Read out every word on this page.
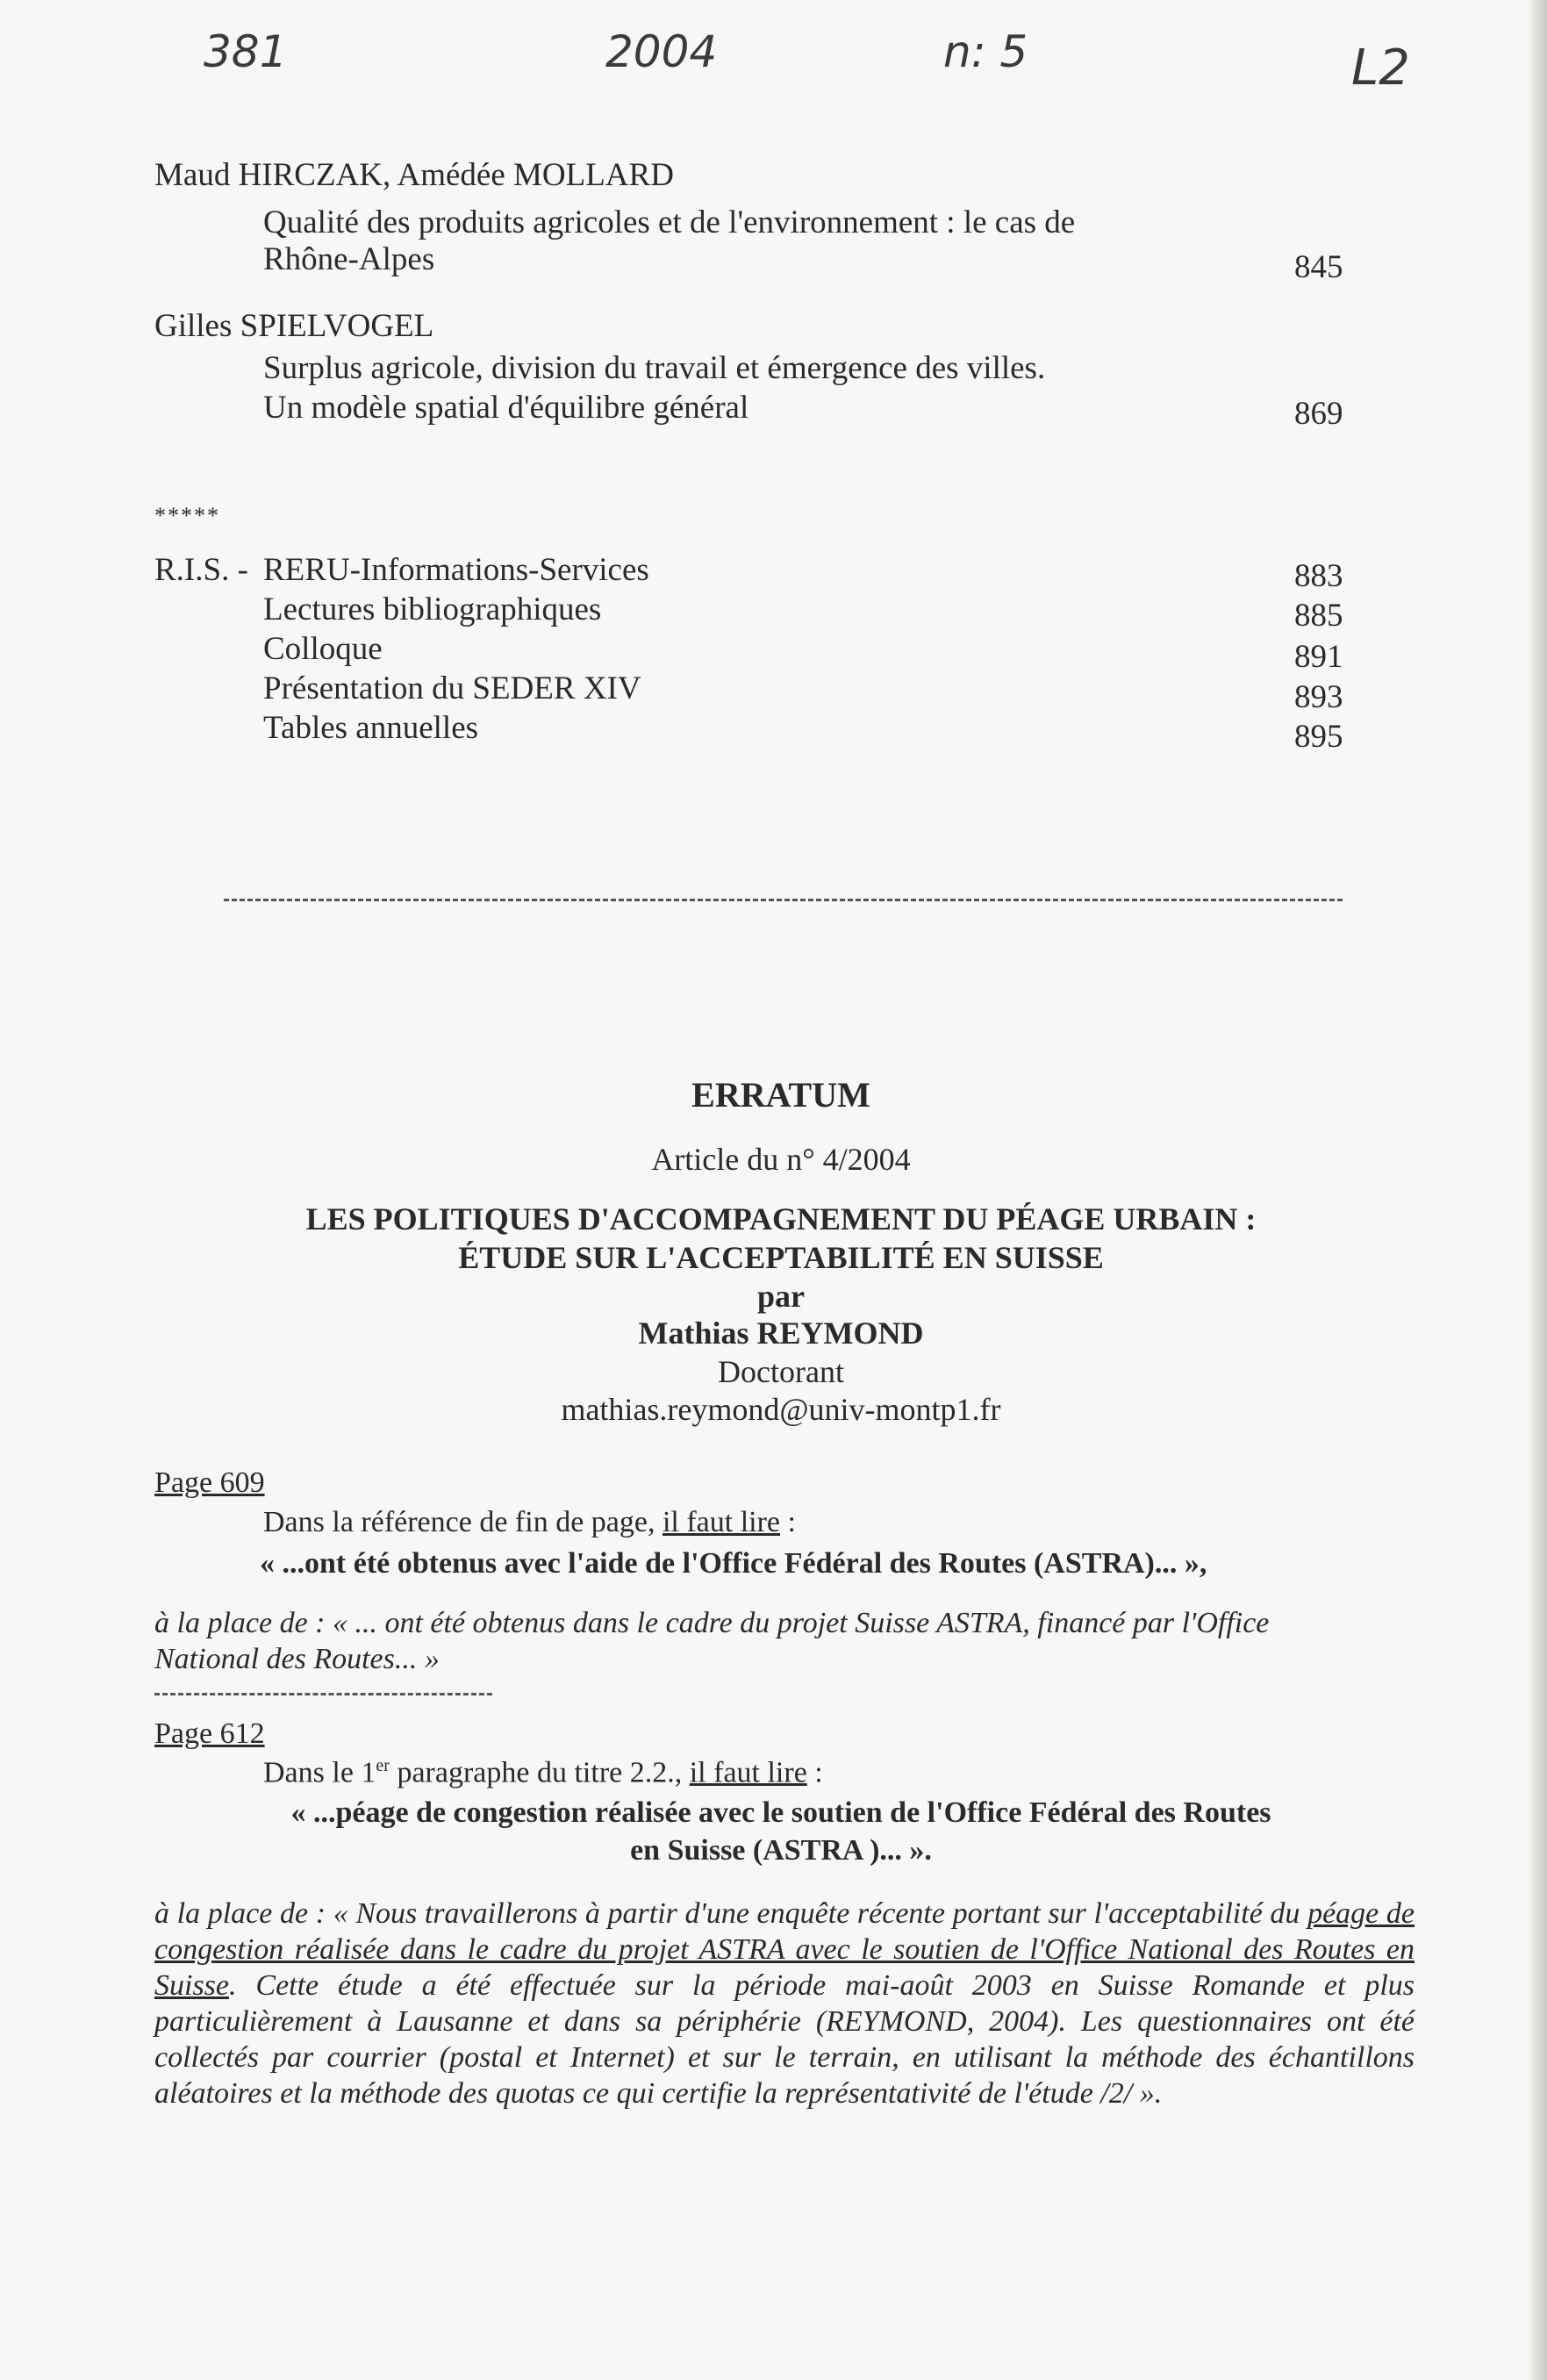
381	2004	n: 5	L2
Maud HIRCZAK, Amédée MOLLARD
Qualité des produits agricoles et de l'environnement : le cas de
Rhône-Alpes	845
Gilles SPIELVOGEL
Surplus agricole, division du travail et émergence des villes.
Un modèle spatial d'équilibre général	869
*****
R.I.S. - RERU-Informations-Services	883
Lectures bibliographiques	885
Colloque	891
Présentation du SEDER XIV	893
Tables annuelles	895
ERRATUM
Article du n° 4/2004
LES POLITIQUES D'ACCOMPAGNEMENT DU PÉAGE URBAIN :
ÉTUDE SUR L'ACCEPTABILITÉ EN SUISSE
par
Mathias REYMOND
Doctorant
mathias.reymond@univ-montp1.fr
Page 609
Dans la référence de fin de page, il faut lire :
« ...ont été obtenus avec l'aide de l'Office Fédéral des Routes (ASTRA)... »,
à la place de : « ... ont été obtenus dans le cadre du projet Suisse ASTRA, financé par l'Office
National des Routes... »
Page 612
Dans le 1er paragraphe du titre 2.2., il faut lire :
« ...péage de congestion réalisée avec le soutien de l'Office Fédéral des Routes
en Suisse (ASTRA )... ».
à la place de : « Nous travaillerons à partir d'une enquête récente portant sur l'acceptabilité du péage de congestion réalisée dans le cadre du projet ASTRA avec le soutien de l'Office National des Routes en Suisse. Cette étude a été effectuée sur la période mai-août 2003 en Suisse Romande et plus particulièrement à Lausanne et dans sa périphérie (REYMOND, 2004). Les questionnaires ont été collectés par courrier (postal et Internet) et sur le terrain, en utilisant la méthode des échantillons aléatoires et la méthode des quotas ce qui certifie la représentativité de l'étude /2/ ».
